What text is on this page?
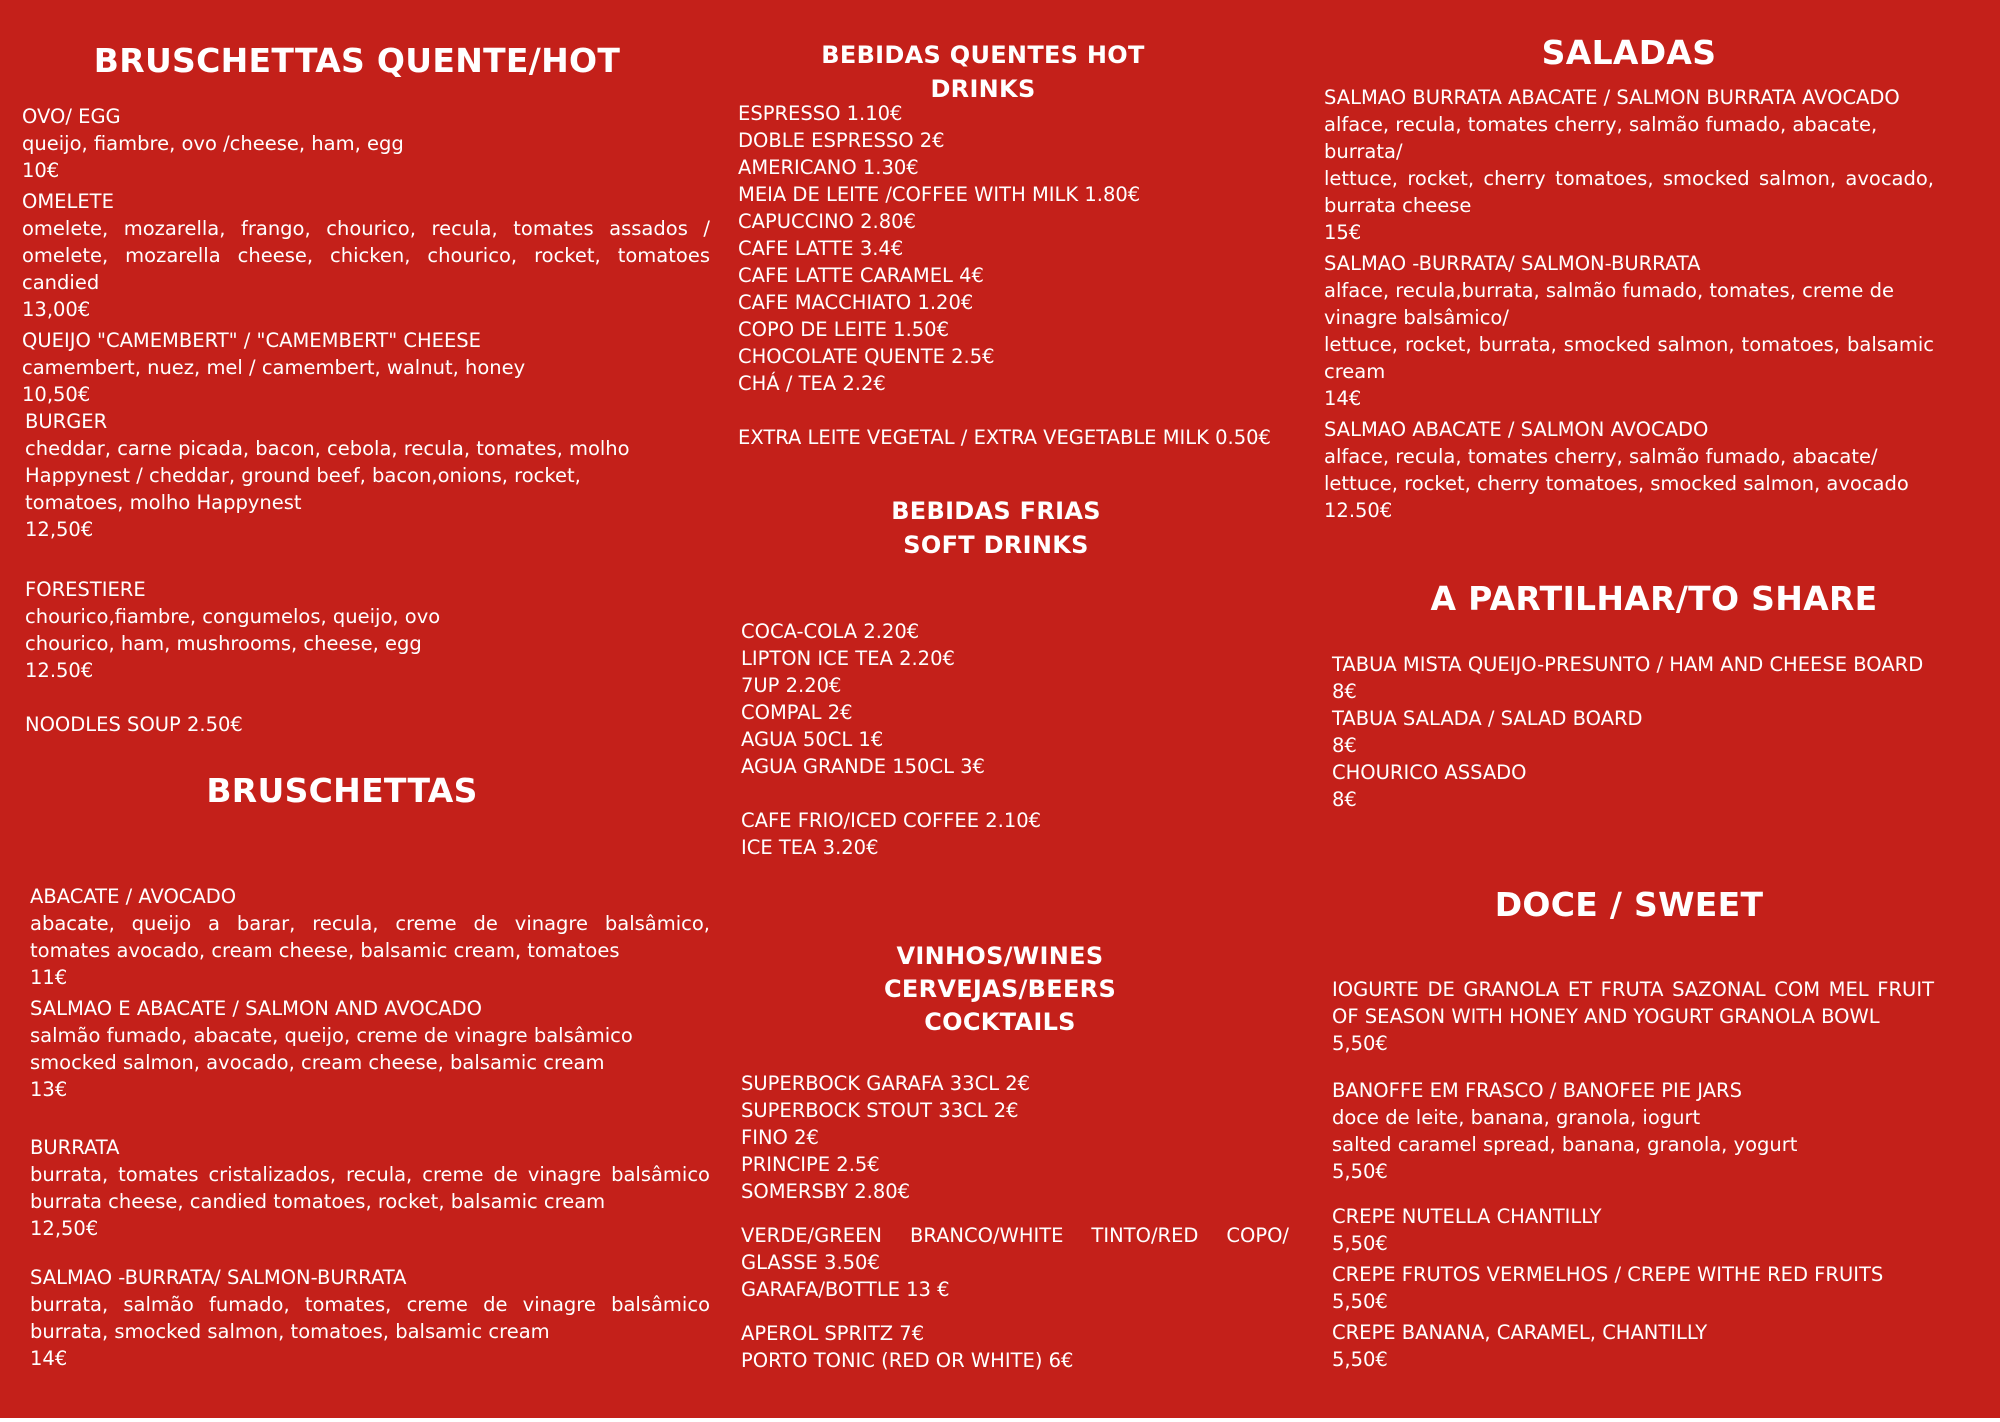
BRUSCHETTAS QUENTE/HOT

OVO/ EGG

queijo, fiambre, ovo /cheese, ham, egg

10€

OMELETE

omelete, mozarella, frango, chourico, recula, tomates assados / omelete, mozarella cheese, chicken, chourico, rocket, tomatoes candied

13,00€

QUEIJO "CAMEMBERT" / "CAMEMBERT" CHEESE

camembert, nuez, mel / camembert, walnut, honey

10,50€

BURGER

cheddar, carne picada, bacon, cebola, recula, tomates, molho Happynest / cheddar, ground beef, bacon,onions, rocket, tomatoes, molho Happynest

12,50€

FORESTIERE

chourico,fiambre, congumelos, queijo, ovo

chourico, ham, mushrooms, cheese, egg

12.50€

NOODLES SOUP 2.50€

BRUSCHETTAS

ABACATE / AVOCADO

abacate, queijo a barar, recula, creme de vinagre balsâmico, tomates avocado, cream cheese, balsamic cream, tomatoes

11€

SALMAO E ABACATE / SALMON AND AVOCADO

salmão fumado, abacate, queijo, creme de vinagre balsâmico

smocked salmon, avocado, cream cheese, balsamic cream

13€

BURRATA

burrata, tomates cristalizados, recula, creme de vinagre balsâmico burrata cheese, candied tomatoes, rocket, balsamic cream

12,50€

SALMAO -BURRATA/ SALMON-BURRATA

burrata, salmão fumado, tomates, creme de vinagre balsâmico burrata, smocked salmon, tomatoes, balsamic cream

14€

BEBIDAS QUENTES HOT DRINKS

ESPRESSO 1.10€

DOBLE ESPRESSO 2€

AMERICANO 1.30€

MEIA DE LEITE /COFFEE WITH MILK 1.80€

CAPUCCINO 2.80€

CAFE LATTE 3.4€

CAFE LATTE CARAMEL 4€

CAFE MACCHIATO 1.20€

COPO DE LEITE 1.50€

CHOCOLATE QUENTE 2.5€

CHÁ / TEA 2.2€

EXTRA LEITE VEGETAL / EXTRA VEGETABLE MILK 0.50€

BEBIDAS FRIAS
SOFT DRINKS

COCA-COLA 2.20€

LIPTON ICE TEA 2.20€

7UP 2.20€

COMPAL 2€

AGUA 50CL 1€

AGUA GRANDE 150CL 3€

CAFE FRIO/ICED COFFEE 2.10€

ICE TEA 3.20€

VINHOS/WINES
CERVEJAS/BEERS
COCKTAILS

SUPERBOCK GARAFA 33CL 2€

SUPERBOCK STOUT 33CL 2€

FINO 2€

PRINCIPE 2.5€

SOMERSBY 2.80€

VERDE/GREEN BRANCO/WHITE TINTO/RED COPO/ GLASSE 3.50€

GARAFA/BOTTLE 13 €

APEROL SPRITZ 7€

PORTO TONIC (RED OR WHITE) 6€

SALADAS

SALMAO BURRATA ABACATE / SALMON BURRATA AVOCADO

alface, recula, tomates cherry, salmão fumado, abacate, burrata/

lettuce, rocket, cherry tomatoes, smocked salmon, avocado, burrata cheese

15€

SALMAO -BURRATA/ SALMON-BURRATA

alface, recula,burrata, salmão fumado, tomates, creme de vinagre balsâmico/

lettuce, rocket, burrata, smocked salmon, tomatoes, balsamic cream

14€

SALMAO ABACATE / SALMON AVOCADO

alface, recula, tomates cherry, salmão fumado, abacate/ lettuce, rocket, cherry tomatoes, smocked salmon, avocado

12.50€

A PARTILHAR/TO SHARE

TABUA MISTA QUEIJO-PRESUNTO / HAM AND CHEESE BOARD

8€

TABUA SALADA / SALAD BOARD

8€

CHOURICO ASSADO

8€

DOCE / SWEET

IOGURTE DE GRANOLA ET FRUTA SAZONAL COM MEL FRUIT OF SEASON WITH HONEY AND YOGURT GRANOLA BOWL

5,50€

BANOFFE EM FRASCO / BANOFEE PIE JARS

doce de leite, banana, granola, iogurt

salted caramel spread, banana, granola, yogurt

5,50€

CREPE NUTELLA CHANTILLY

5,50€

CREPE FRUTOS VERMELHOS / CREPE WITHE RED FRUITS

5,50€

CREPE BANANA, CARAMEL, CHANTILLY

5,50€
